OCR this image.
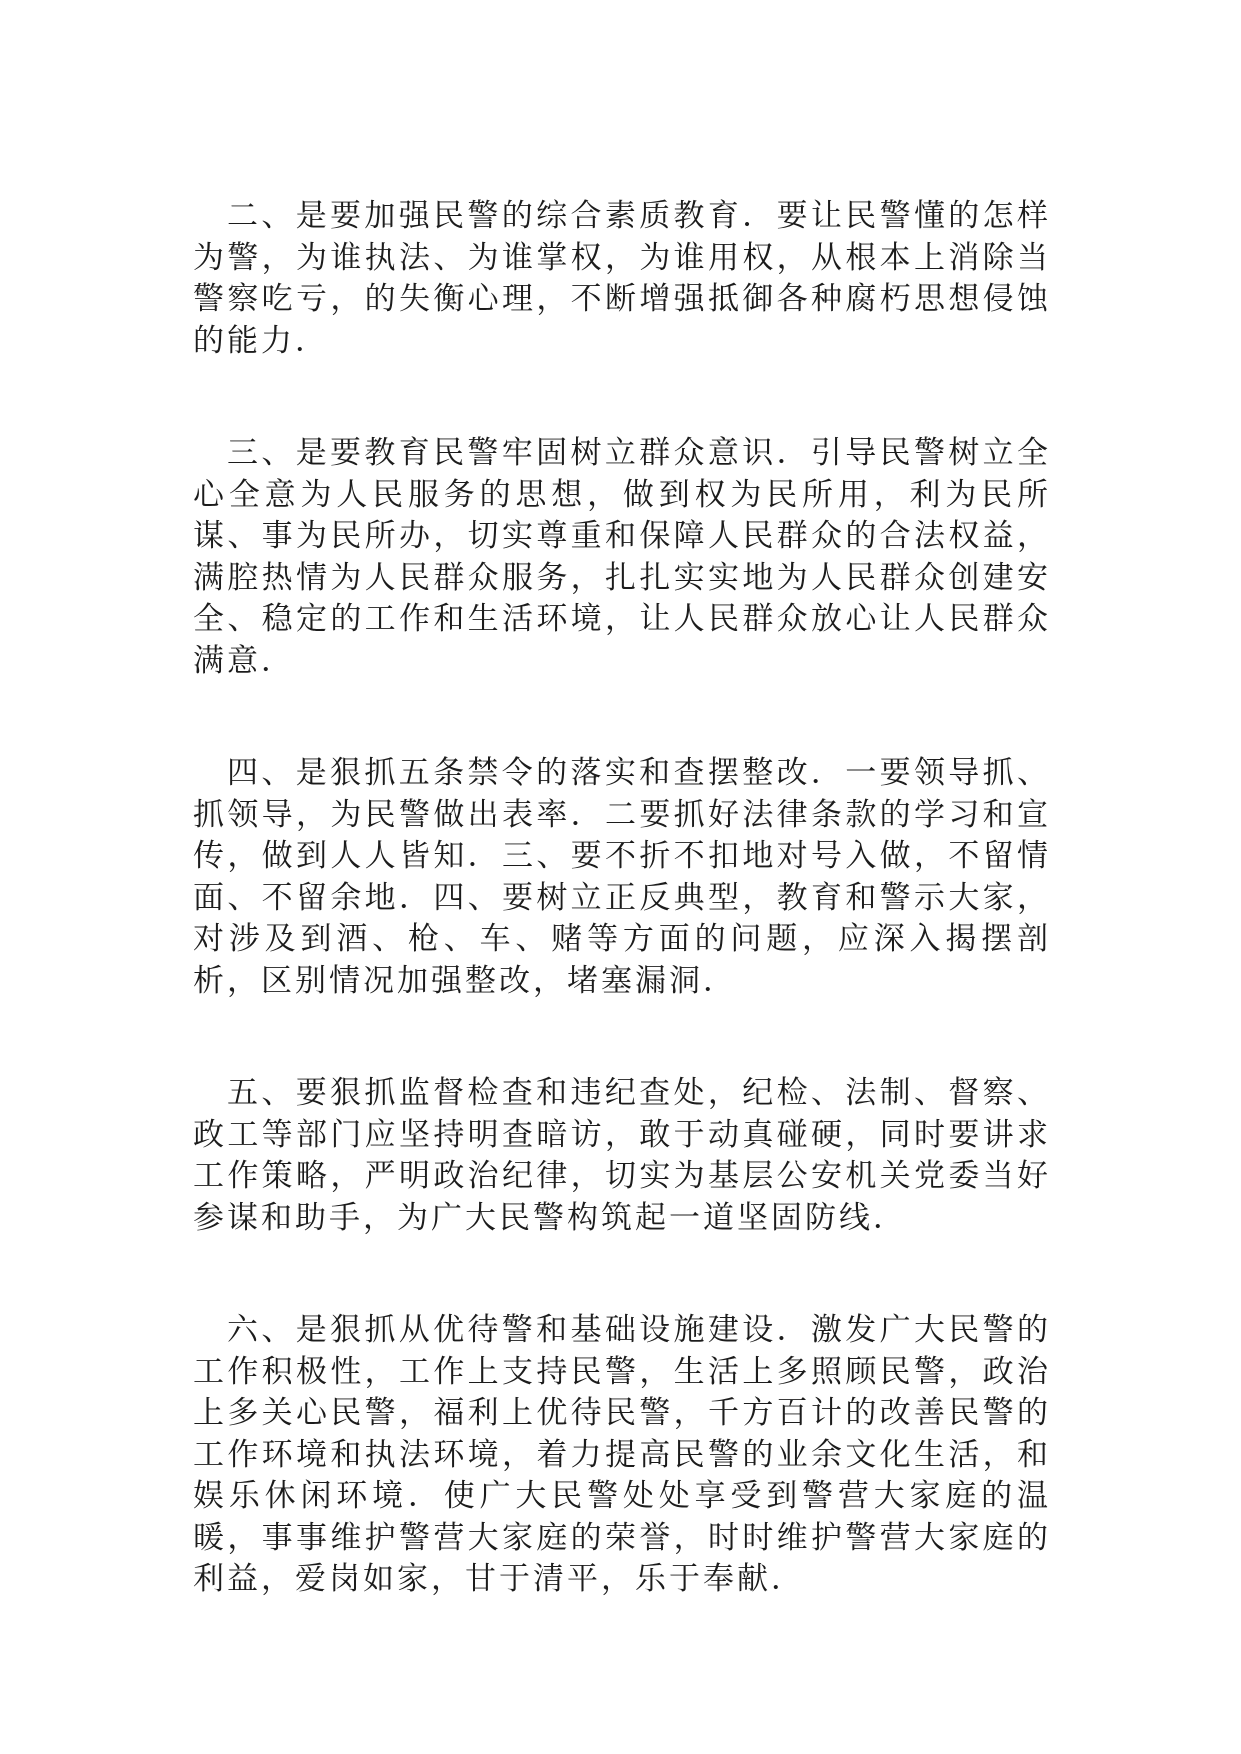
二、是要加强民警的综合素质教育．要让民警懂的怎样为警，为谁执法、为谁掌权，为谁用权，从根本上消除当警察吃亏，的失衡心理，不断增强抵御各种腐朽思想侵蚀的能力．

三、是要教育民警牢固树立群众意识．引导民警树立全心全意为人民服务的思想，做到权为民所用，利为民所谋、事为民所办，切实尊重和保障人民群众的合法权益，满腔热情为人民群众服务，扎扎实实地为人民群众创建安全、稳定的工作和生活环境，让人民群众放心让人民群众满意．

四、是狠抓五条禁令的落实和查摆整改．一要领导抓、抓领导，为民警做出表率．二要抓好法律条款的学习和宣传，做到人人皆知．三、要不折不扣地对号入做，不留情面、不留余地．四、要树立正反典型，教育和警示大家，对涉及到酒、枪、车、赌等方面的问题，应深入揭摆剖析，区别情况加强整改，堵塞漏洞．

五、要狠抓监督检查和违纪查处，纪检、法制、督察、政工等部门应坚持明查暗访，敢于动真碰硬，同时要讲求工作策略，严明政治纪律，切实为基层公安机关党委当好参谋和助手，为广大民警构筑起一道坚固防线．

六、是狠抓从优待警和基础设施建设．激发广大民警的工作积极性，工作上支持民警，生活上多照顾民警，政治上多关心民警，福利上优待民警，千方百计的改善民警的工作环境和执法环境，着力提高民警的业余文化生活，和娱乐休闲环境．使广大民警处处享受到警营大家庭的温暖，事事维护警营大家庭的荣誉，时时维护警营大家庭的利益，爱岗如家，甘于清平，乐于奉献．
